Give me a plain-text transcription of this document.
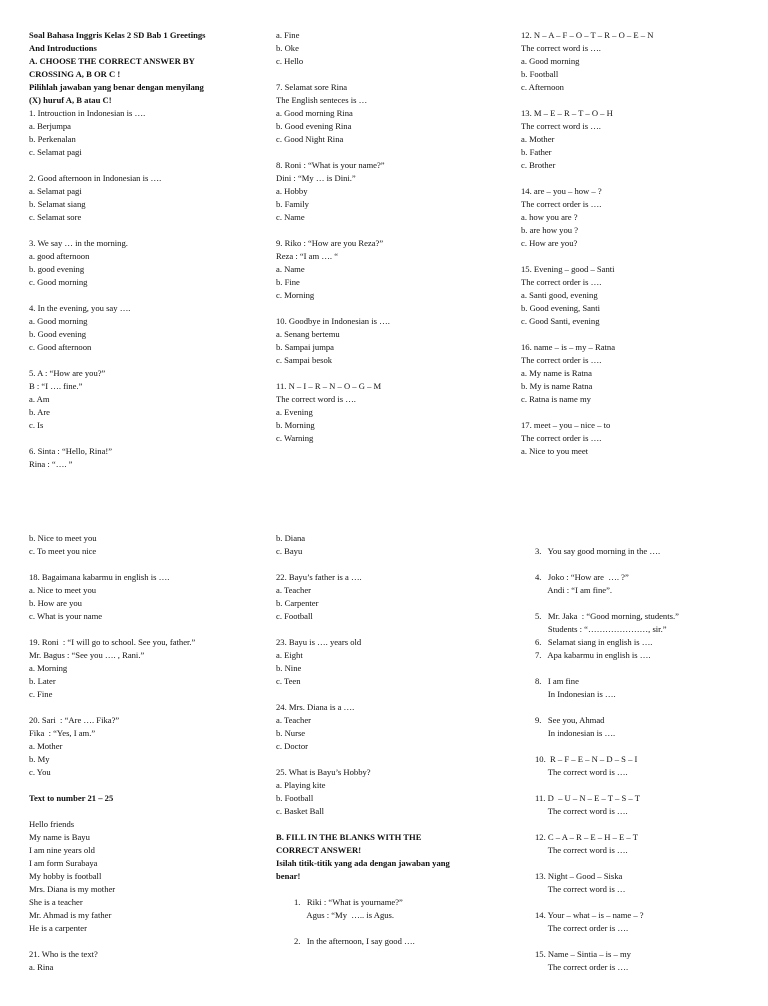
Soal Bahasa Inggris Kelas 2 SD Bab 1 Greetings
And Introductions
A. CHOOSE THE CORRECT ANSWER BY
CROSSING A, B OR C !
Pilihlah jawaban yang benar dengan menyilang
(X) huruf A, B atau C!
1. Introuction in Indonesian is ….
a. Berjumpa
b. Perkenalan
c. Selamat pagi
2. Good afternoon in Indonesian is ….
a. Selamat pagi
b. Selamat siang
c. Selamat sore
3. We say … in the morning.
a. good afternoon
b. good evening
c. Good morning
4. In the evening, you say ….
a. Good morning
b. Good evening
c. Good afternoon
5. A : “How are you?”
B : “I …. fine.”
a. Am
b. Are
c. Is
6. Sinta : “Hello, Rina!”
Rina : “…. ”
a. Fine
b. Oke
c. Hello
7. Selamat sore Rina
The English senteces is …
a. Good morning Rina
b. Good evening Rina
c. Good Night Rina
8. Roni : “What is your name?”
Dini : “My … is Dini.”
a. Hobby
b. Family
c. Name
9. Riko : “How are you Reza?”
Reza : “I am …. “
a. Name
b. Fine
c. Morning
10. Goodbye in Indonesian is ….
a. Senang bertemu
b. Sampai jumpa
c. Sampai besok
11. N – I – R – N – O – G – M
The correct word is ….
a. Evening
b. Morning
c. Warning
12. N – A – F – O – T – R – O – E – N
The correct word is ….
a. Good morning
b. Football
c. Afternoon
13. M – E – R – T – O – H
The correct word is ….
a. Mother
b. Father
c. Brother
14. are – you – how – ?
The correct order is ….
a. how you are ?
b. are how you ?
c. How are you?
15. Evening – good – Santi
The correct order is ….
a. Santi good, evening
b. Good evening, Santi
c. Good Santi, evening
16. name – is – my – Ratna
The correct order is ….
a. My name is Ratna
b. My is name Ratna
c. Ratna is name my
17. meet – you – nice – to
The correct order is ….
a. Nice to you meet
b. Nice to meet you
c. To meet you nice
18. Bagaimana kabarmu in english is ….
a. Nice to meet you
b. How are you
c. What is your name
19. Roni  : “I will go to school. See you, father.”
Mr. Bagus : “See you …. , Rani.”
a. Morning
b. Later
c. Fine
20. Sari  : “Are …. Fika?”
Fika  : “Yes, I am.”
a. Mother
b. My
c. You
Text to number 21 – 25
Hello friends
My name is Bayu
I am nine years old
I am form Surabaya
My hobby is football
Mrs. Diana is my mother
She is a teacher
Mr. Ahmad is my father
He is a carpenter
21. Who is the text?
a. Rina
b. Diana
c. Bayu
22. Bayu’s father is a ….
a. Teacher
b. Carpenter
c. Football
23. Bayu is …. years old
a. Eight
b. Nine
c. Teen
24. Mrs. Diana is a ….
a. Teacher
b. Nurse
c. Doctor
25. What is Bayu’s Hobby?
a. Playing kite
b. Football
c. Basket Ball
B. FILL IN THE BLANKS WITH THE
CORRECT ANSWER!
Isilah titik-titik yang ada dengan jawaban yang
benar!
1.   Riki : “What is yourname?”
Agus : “My  ….. is Agus.
2.   In the afternoon, I say good ….
3.   You say good morning in the ….
4.   Joko : “How are  …. ?”
Andi : “I am fine”.
5.   Mr. Jaka  : “Good morning, students.”
Students : “…………………, sir.”
6.   Selamat siang in english is ….
7.   Apa kabarmu in english is ….
8.   I am fine
In Indonesian is ….
9.   See you, Ahmad
In indonesian is ….
10.  R – F – E – N – D – S – I
The correct word is ….
11. D  – U – N – E – T – S – T
The correct word is ….
12. C – A – R – E – H – E – T
The correct word is ….
13. Night – Good – Siska
The correct word is …
14. Your – what – is – name – ?
The correct order is ….
15. Name – Sintia – is – my
The correct order is ….
